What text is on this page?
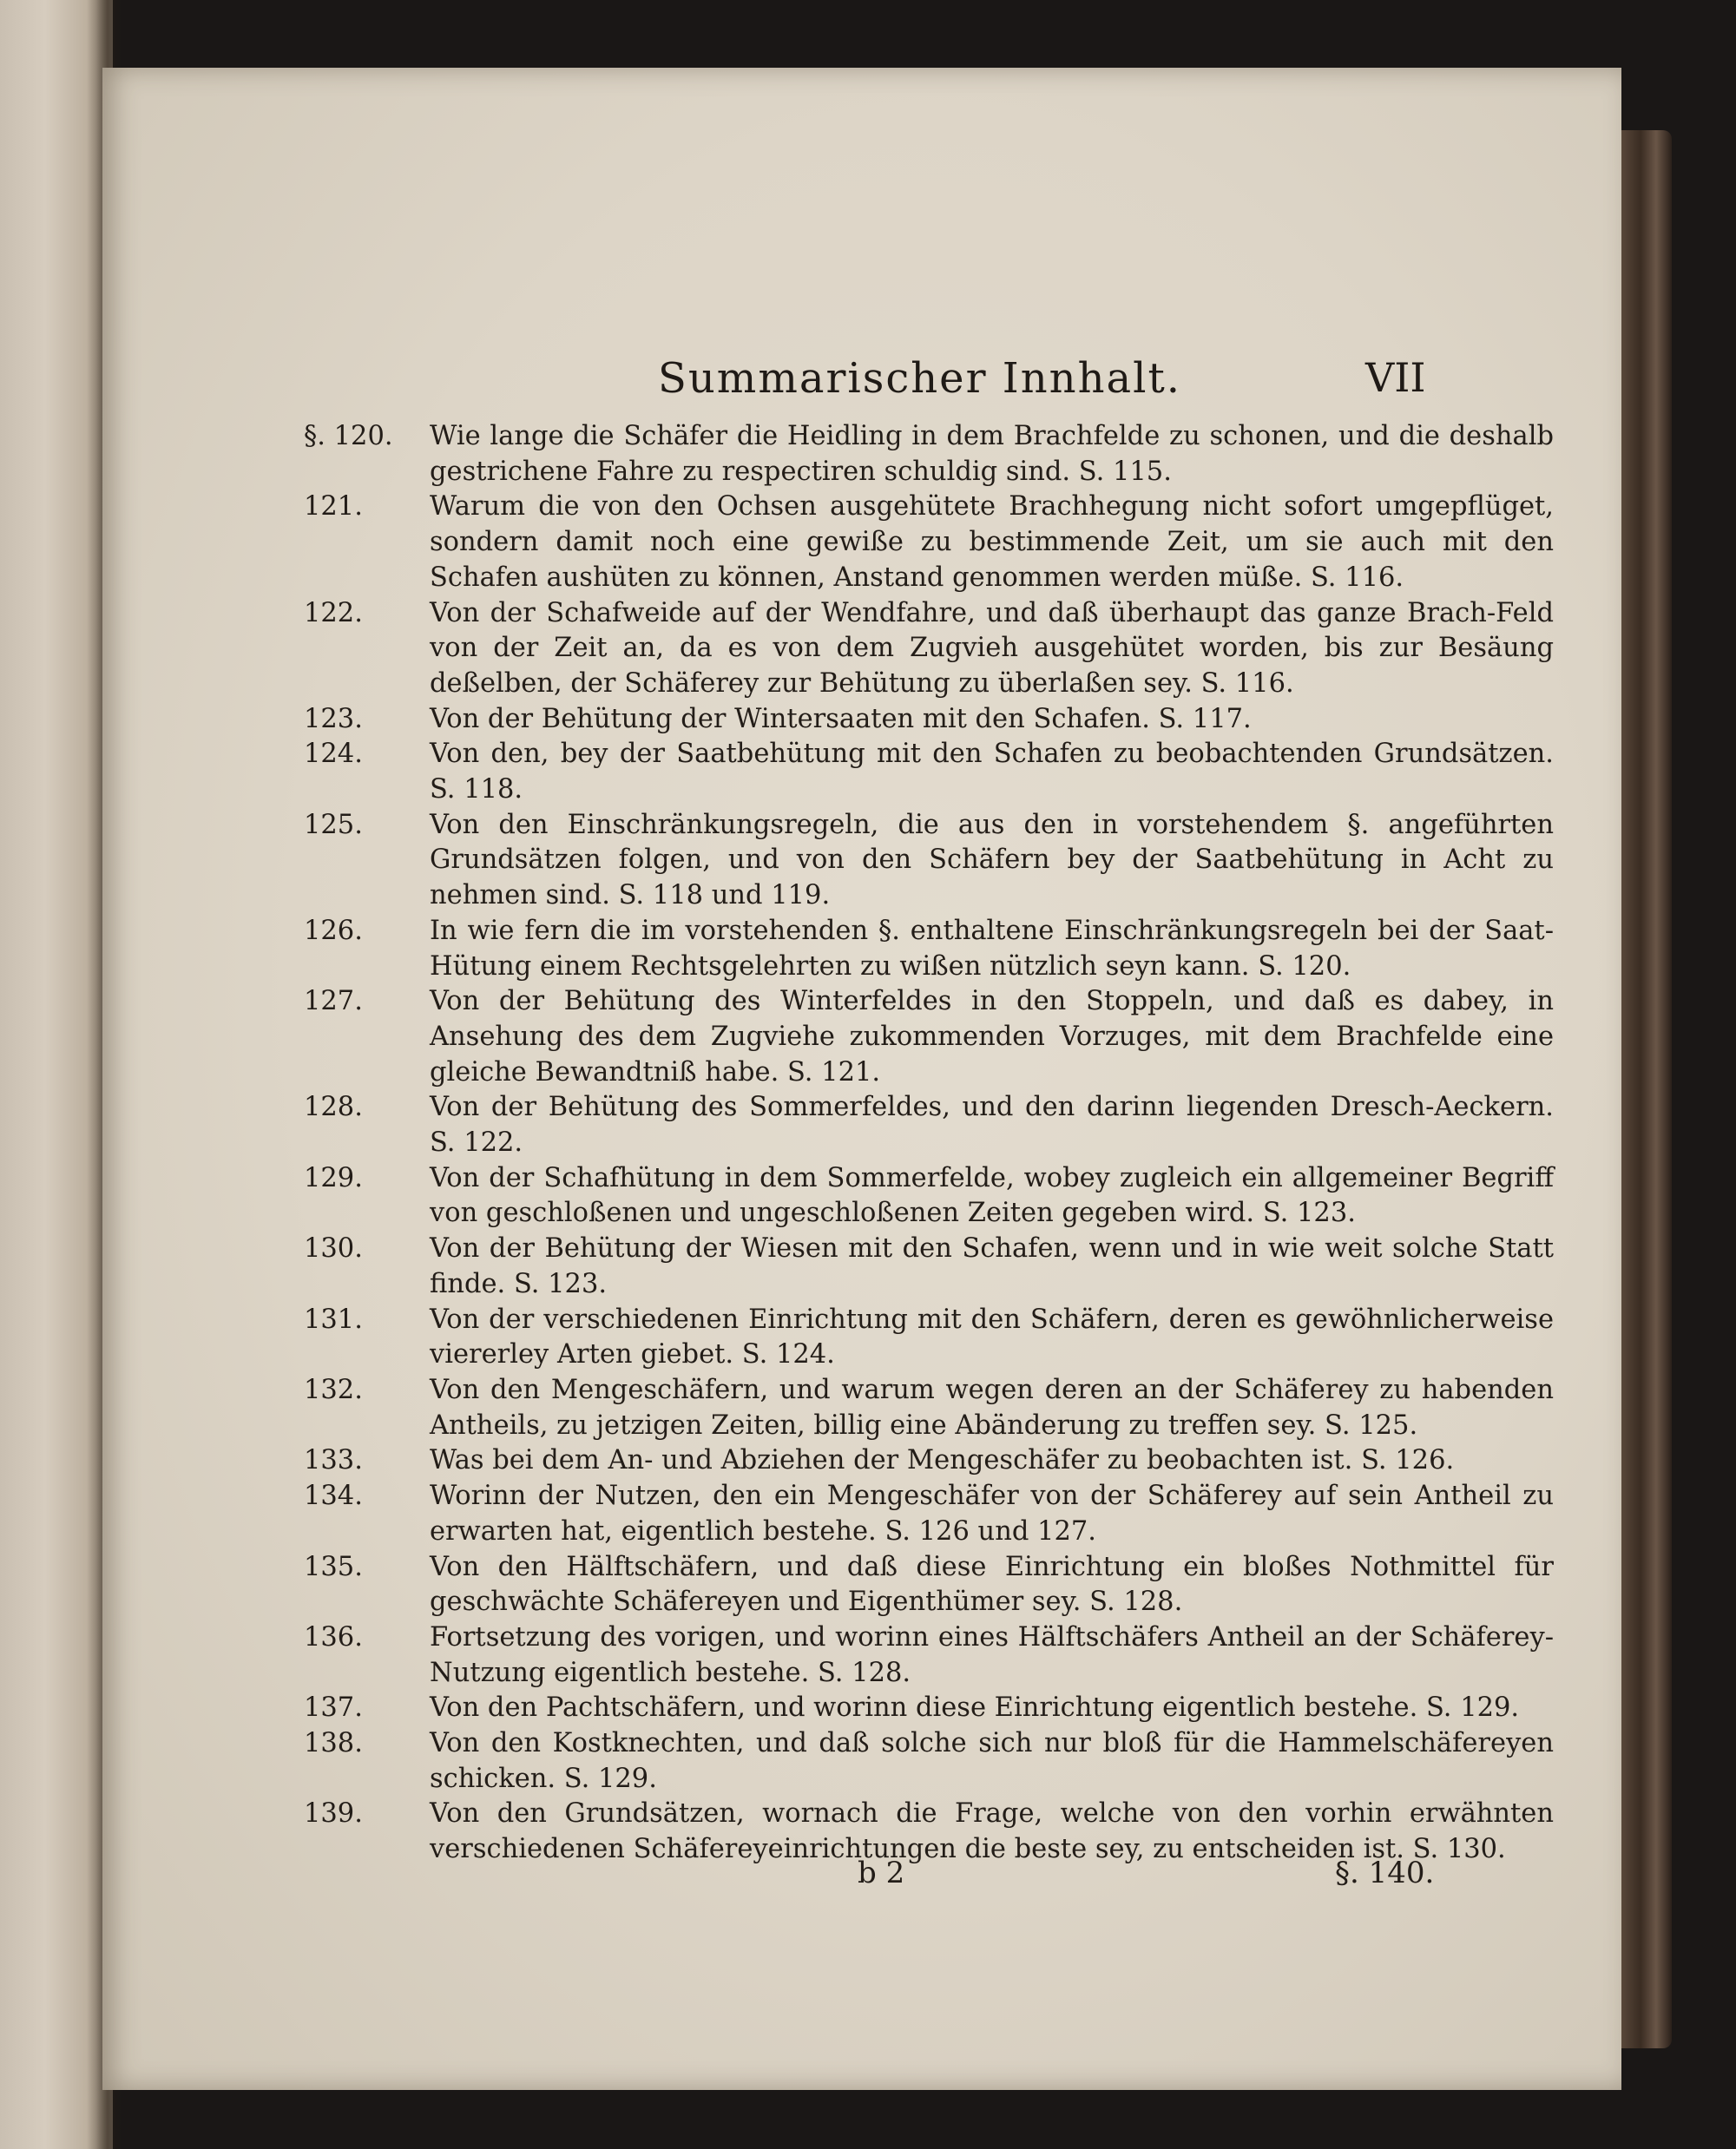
Summarischer Innhalt.	VII
§. 120.	Wie lange die Schäfer die Heidling in dem Brachfelde zu schonen, und die deshalb gestrichene Fahre zu respectiren schuldig sind. S. 115.
121.	Warum die von den Ochsen ausgehütete Brachhegung nicht sofort umgepflüget, sondern damit noch eine gewiße zu bestimmende Zeit, um sie auch mit den Schafen aushüten zu können, Anstand genommen werden müße. S. 116.
122.	Von der Schafweide auf der Wendfahre, und daß überhaupt das ganze Brach-Feld von der Zeit an, da es von dem Zugvieh ausgehütet worden, bis zur Besäung deßelben, der Schäferey zur Behütung zu überlaßen sey. S. 116.
123.	Von der Behütung der Wintersaaten mit den Schafen. S. 117.
124.	Von den, bey der Saatbehütung mit den Schafen zu beobachtenden Grundsätzen. S. 118.
125.	Von den Einschränkungsregeln, die aus den in vorstehendem §. angeführten Grundsätzen folgen, und von den Schäfern bey der Saatbehütung in Acht zu nehmen sind. S. 118 und 119.
126.	In wie fern die im vorstehenden §. enthaltene Einschränkungsregeln bei der Saat-Hütung einem Rechtsgelehrten zu wißen nützlich seyn kann. S. 120.
127.	Von der Behütung des Winterfeldes in den Stoppeln, und daß es dabey, in Ansehung des dem Zugviehe zukommenden Vorzuges, mit dem Brachfelde eine gleiche Bewandtniß habe. S. 121.
128.	Von der Behütung des Sommerfeldes, und den darinn liegenden Dresch-Aeckern. S. 122.
129.	Von der Schafhütung in dem Sommerfelde, wobey zugleich ein allgemeiner Begriff von geschloßenen und ungeschloßenen Zeiten gegeben wird. S. 123.
130.	Von der Behütung der Wiesen mit den Schafen, wenn und in wie weit solche Statt finde. S. 123.
131.	Von der verschiedenen Einrichtung mit den Schäfern, deren es gewöhnlicherweise viererley Arten giebet. S. 124.
132.	Von den Mengeschäfern, und warum wegen deren an der Schäferey zu habenden Antheils, zu jetzigen Zeiten, billig eine Abänderung zu treffen sey. S. 125.
133.	Was bei dem An- und Abziehen der Mengeschäfer zu beobachten ist. S. 126.
134.	Worinn der Nutzen, den ein Mengeschäfer von der Schäferey auf sein Antheil zu erwarten hat, eigentlich bestehe. S. 126 und 127.
135.	Von den Hälftschäfern, und daß diese Einrichtung ein bloßes Nothmittel für geschwächte Schäfereyen und Eigenthümer sey. S. 128.
136.	Fortsetzung des vorigen, und worinn eines Hälftschäfers Antheil an der Schäferey-Nutzung eigentlich bestehe. S. 128.
137.	Von den Pachtschäfern, und worinn diese Einrichtung eigentlich bestehe. S. 129.
138.	Von den Kostknechten, und daß solche sich nur bloß für die Hammelschäfereyen schicken. S. 129.
139.	Von den Grundsätzen, wornach die Frage, welche von den vorhin erwähnten verschiedenen Schäfereyeinrichtungen die beste sey, zu entscheiden ist. S. 130.
b 2	§. 140.
